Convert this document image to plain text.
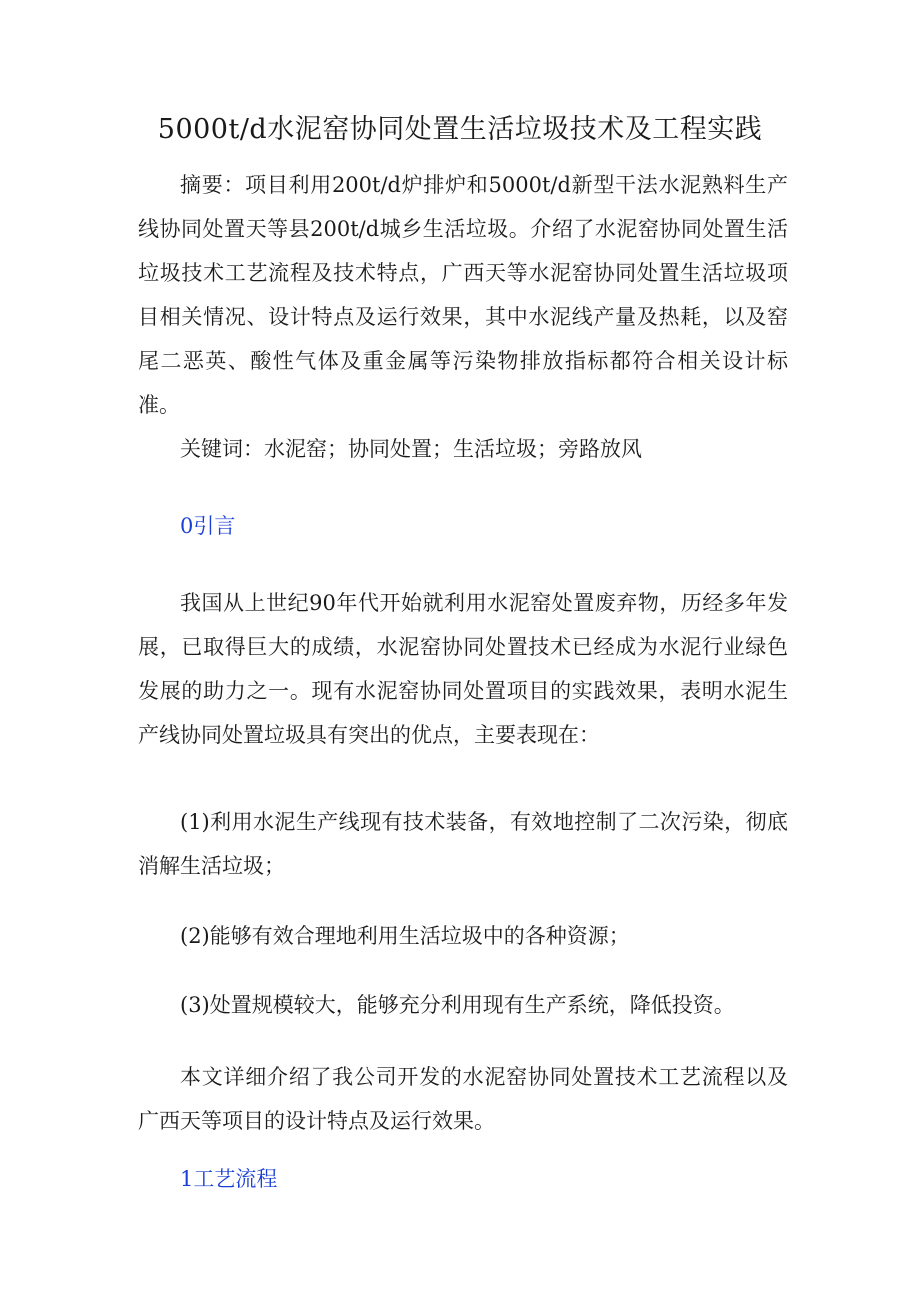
5000t/d水泥窑协同处置生活垃圾技术及工程实践

摘要：项目利用200t/d炉排炉和5000t/d新型干法水泥熟料生产线协同处置天等县200t/d城乡生活垃圾。介绍了水泥窑协同处置生活垃圾技术工艺流程及技术特点，广西天等水泥窑协同处置生活垃圾项目相关情况、设计特点及运行效果，其中水泥线产量及热耗，以及窑尾二恶英、酸性气体及重金属等污染物排放指标都符合相关设计标准。

关键词：水泥窑；协同处置；生活垃圾；旁路放风

0引言

我国从上世纪90年代开始就利用水泥窑处置废弃物，历经多年发展，已取得巨大的成绩，水泥窑协同处置技术已经成为水泥行业绿色发展的助力之一。现有水泥窑协同处置项目的实践效果，表明水泥生产线协同处置垃圾具有突出的优点，主要表现在：

(1)利用水泥生产线现有技术装备，有效地控制了二次污染，彻底消解生活垃圾；

(2)能够有效合理地利用生活垃圾中的各种资源；

(3)处置规模较大，能够充分利用现有生产系统，降低投资。

本文详细介绍了我公司开发的水泥窑协同处置技术工艺流程以及广西天等项目的设计特点及运行效果。

1工艺流程
